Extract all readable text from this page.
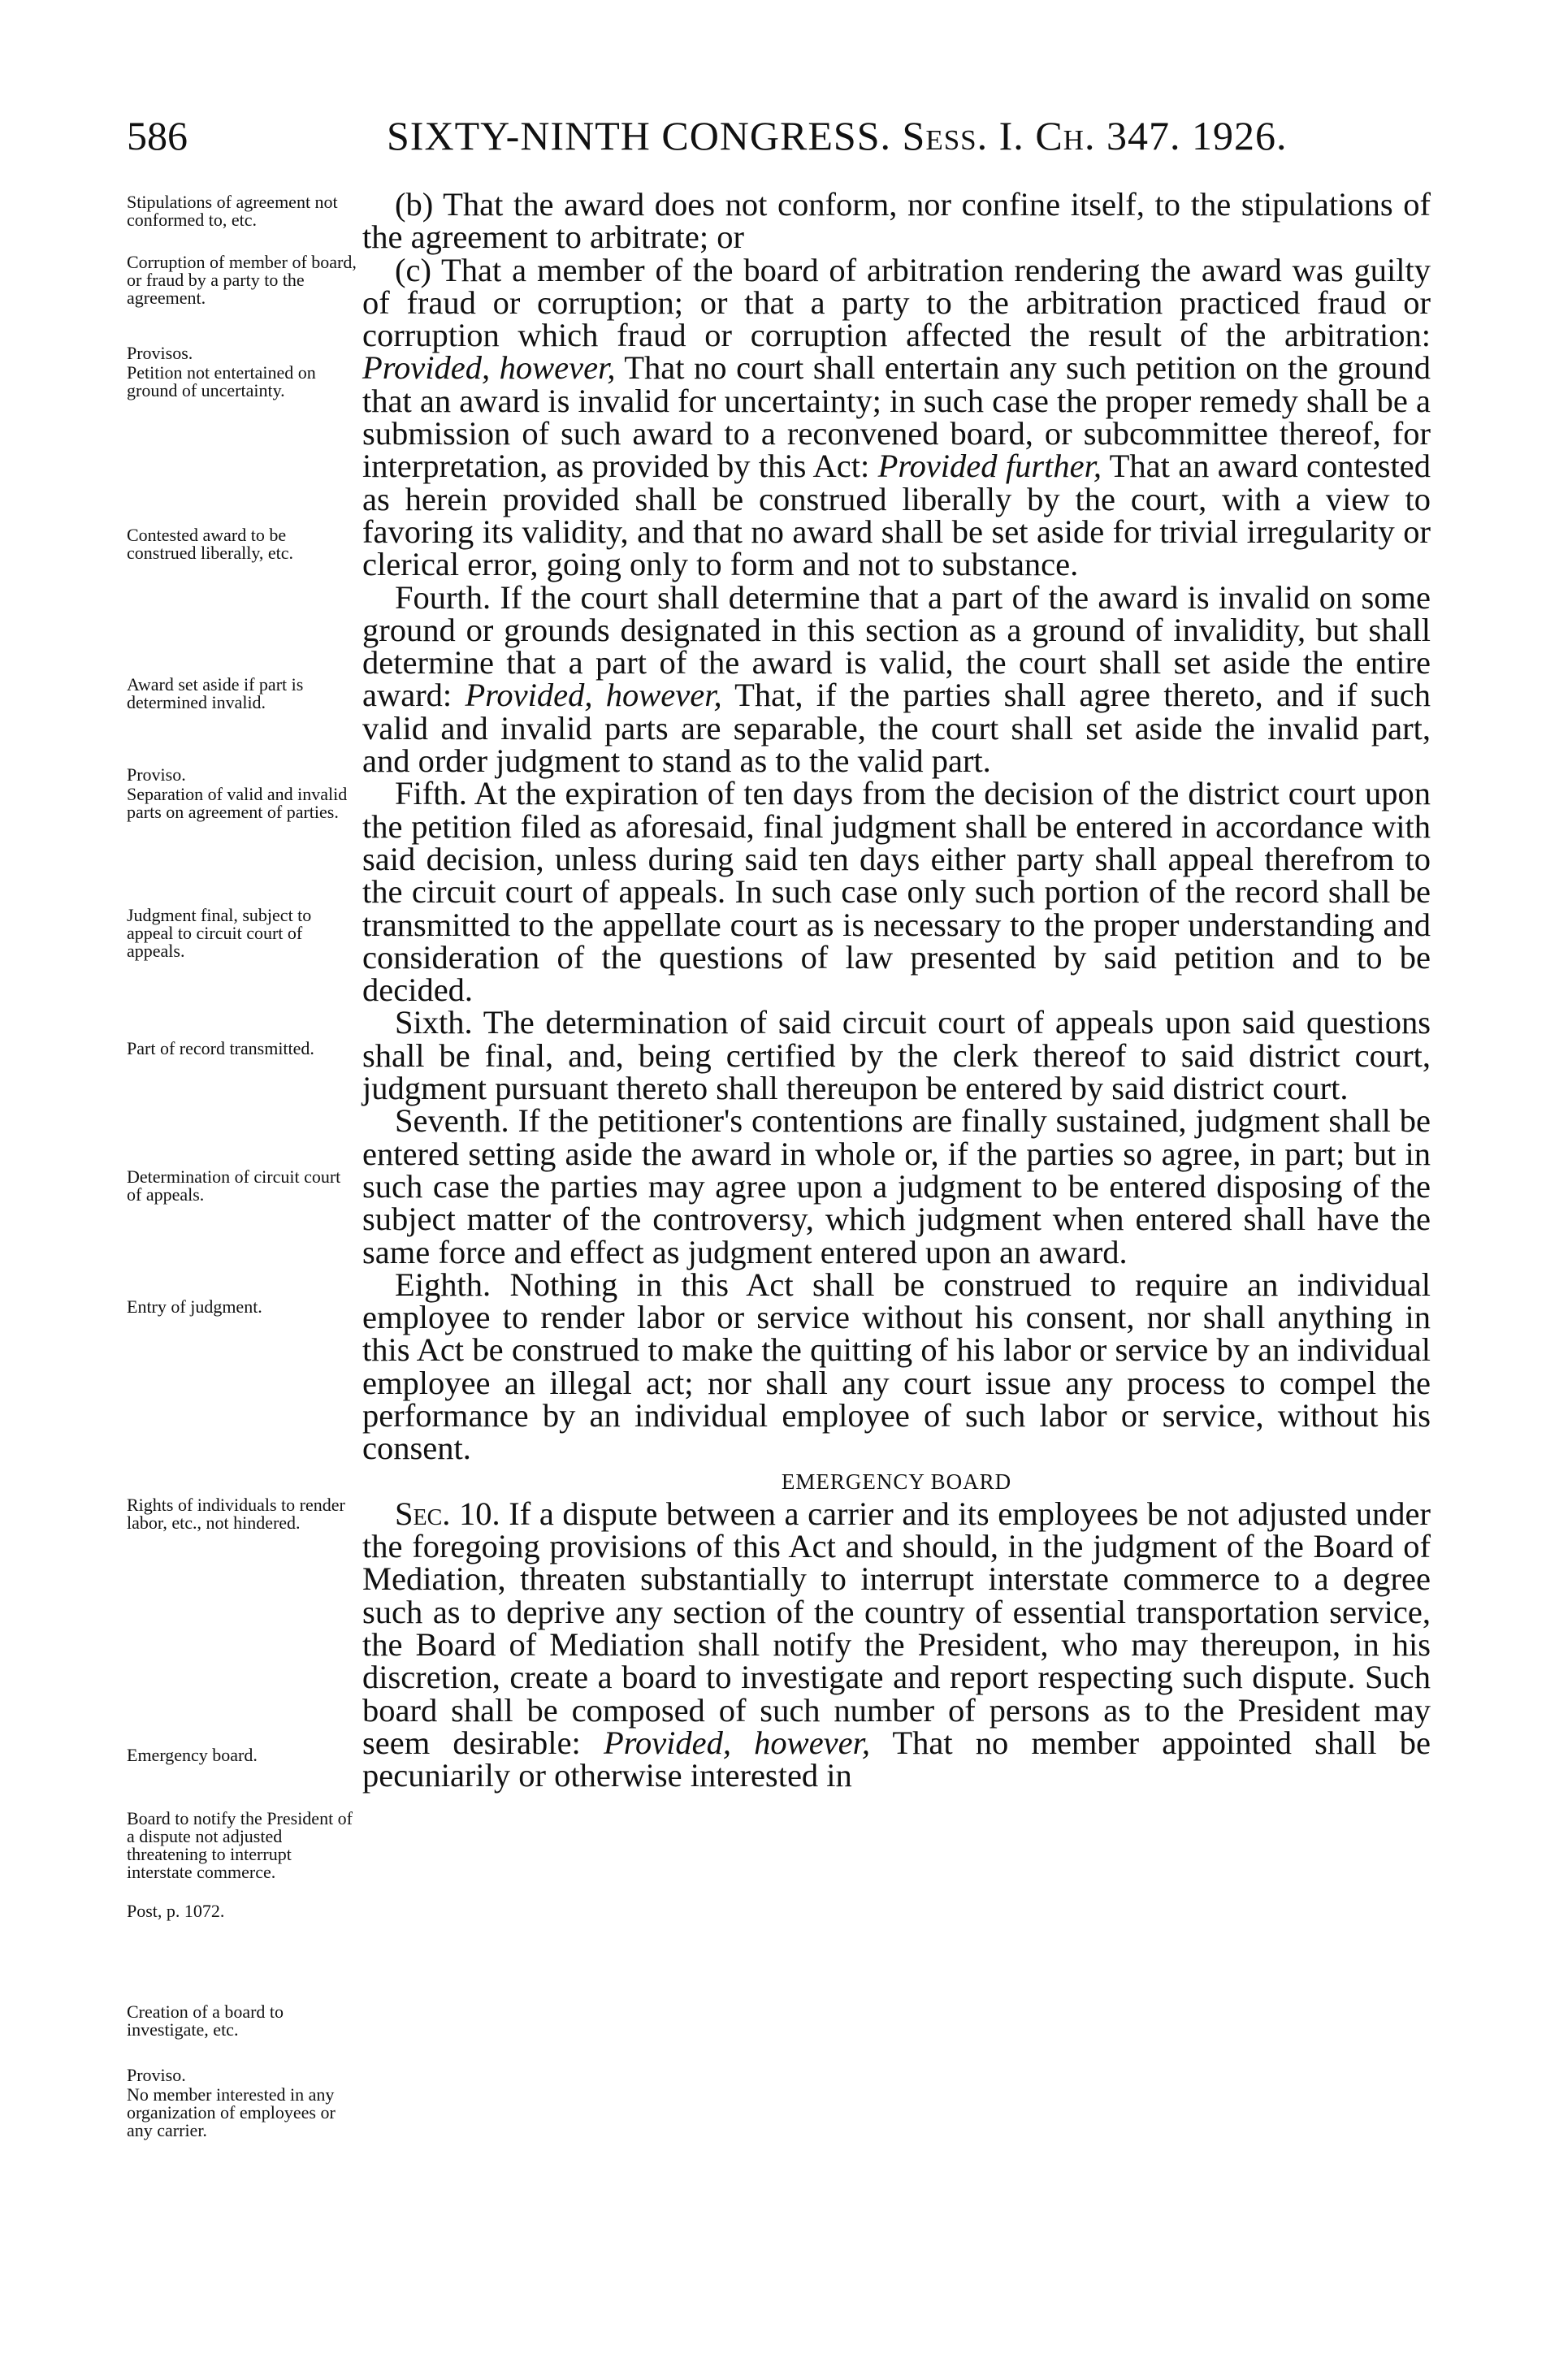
586	SIXTY-NINTH CONGRESS. Sess. I. Ch. 347. 1926.
Stipulations of agreement not conformed to, etc.
Corruption of member of board, or fraud by a party to the agreement.
Provisos.
Petition not entertained on ground of uncertainty.
Contested award to be construed liberally, etc.
Award set aside if part is determined invalid.
Proviso.
Separation of valid and invalid parts on agreement of parties.
Judgment final, subject to appeal to circuit court of appeals.
Part of record transmitted.
Determination of circuit court of appeals.
Entry of judgment.
Rights of individuals to render labor, etc., not hindered.
Emergency board.
Board to notify the President of a dispute not adjusted threatening to interrupt interstate commerce.
Post, p. 1072.
Creation of a board to investigate, etc.
Proviso.
No member interested in any organization of employees or any carrier.

(b) That the award does not conform, nor confine itself, to the stipulations of the agreement to arbitrate; or

(c) That a member of the board of arbitration rendering the award was guilty of fraud or corruption; or that a party to the arbitration practiced fraud or corruption which fraud or corruption affected the result of the arbitration: Provided, however, That no court shall entertain any such petition on the ground that an award is invalid for uncertainty; in such case the proper remedy shall be a submission of such award to a reconvened board, or subcommittee thereof, for interpretation, as provided by this Act: Provided further, That an award contested as herein provided shall be construed liberally by the court, with a view to favoring its validity, and that no award shall be set aside for trivial irregularity or clerical error, going only to form and not to substance.

Fourth. If the court shall determine that a part of the award is invalid on some ground or grounds designated in this section as a ground of invalidity, but shall determine that a part of the award is valid, the court shall set aside the entire award: Provided, however, That, if the parties shall agree thereto, and if such valid and invalid parts are separable, the court shall set aside the invalid part, and order judgment to stand as to the valid part.

Fifth. At the expiration of ten days from the decision of the district court upon the petition filed as aforesaid, final judgment shall be entered in accordance with said decision, unless during said ten days either party shall appeal therefrom to the circuit court of appeals. In such case only such portion of the record shall be transmitted to the appellate court as is necessary to the proper understanding and consideration of the questions of law presented by said petition and to be decided.

Sixth. The determination of said circuit court of appeals upon said questions shall be final, and, being certified by the clerk thereof to said district court, judgment pursuant thereto shall thereupon be entered by said district court.

Seventh. If the petitioner's contentions are finally sustained, judgment shall be entered setting aside the award in whole or, if the parties so agree, in part; but in such case the parties may agree upon a judgment to be entered disposing of the subject matter of the controversy, which judgment when entered shall have the same force and effect as judgment entered upon an award.

Eighth. Nothing in this Act shall be construed to require an individual employee to render labor or service without his consent, nor shall anything in this Act be construed to make the quitting of his labor or service by an individual employee an illegal act; nor shall any court issue any process to compel the performance by an individual employee of such labor or service, without his consent.

EMERGENCY BOARD

Sec. 10. If a dispute between a carrier and its employees be not adjusted under the foregoing provisions of this Act and should, in the judgment of the Board of Mediation, threaten substantially to interrupt interstate commerce to a degree such as to deprive any section of the country of essential transportation service, the Board of Mediation shall notify the President, who may thereupon, in his discretion, create a board to investigate and report respecting such dispute. Such board shall be composed of such number of persons as to the President may seem desirable: Provided, however, That no member appointed shall be pecuniarily or otherwise interested in
